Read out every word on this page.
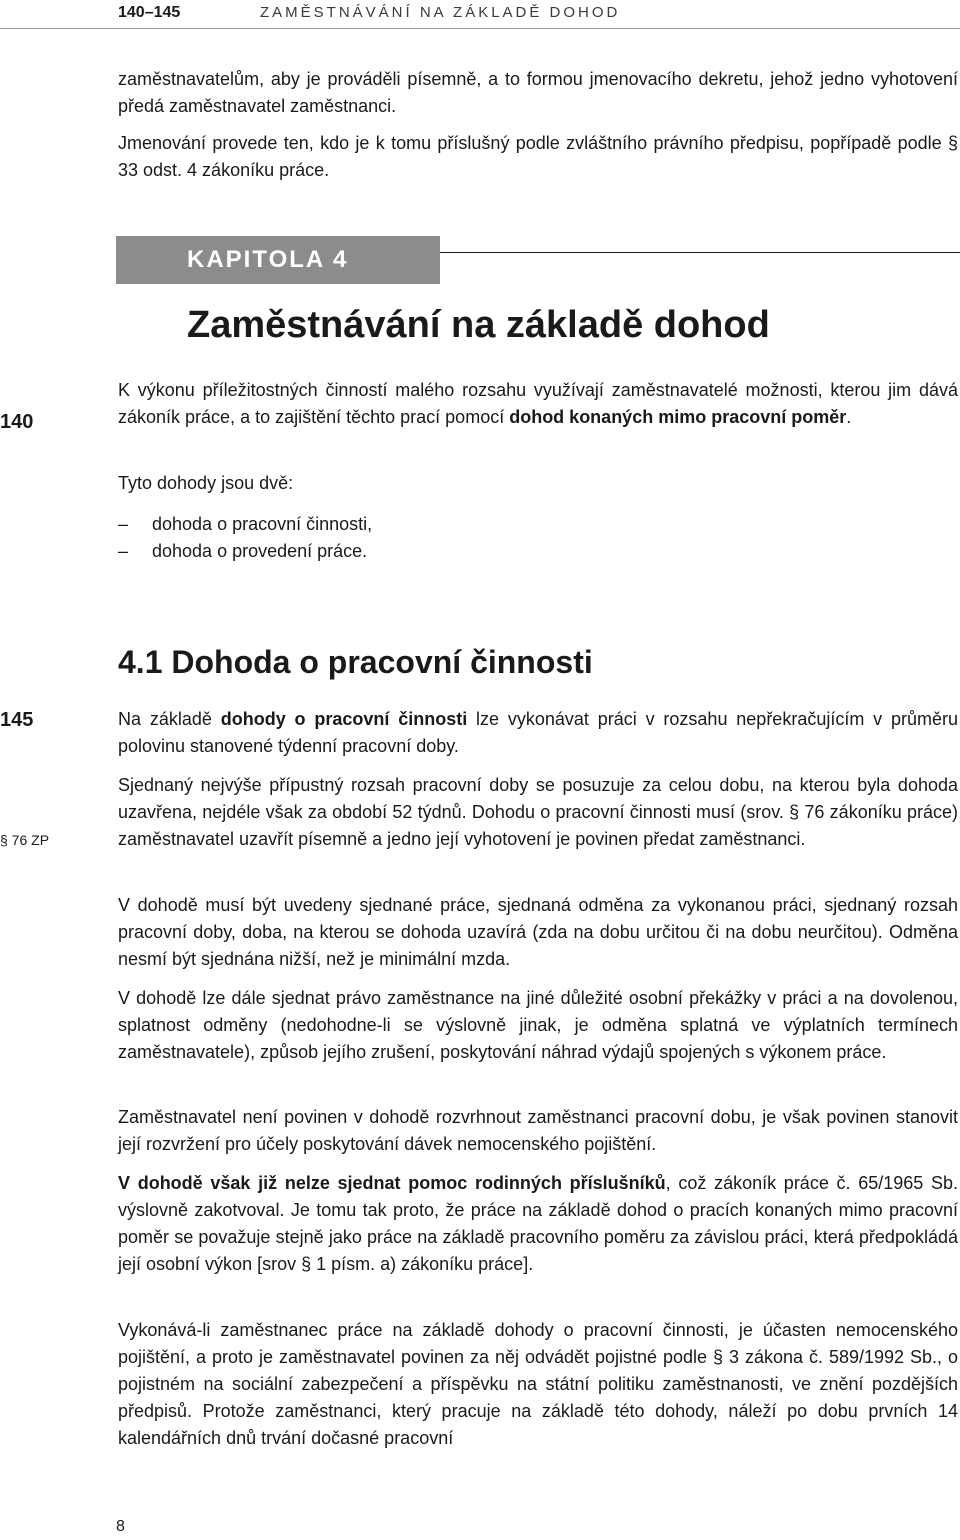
140–145	ZAMĚSTNÁVÁNÍ NA ZÁKLADĚ DOHOD

zaměstnavatelům, aby je prováděli písemně, a to formou jmenovacího dekretu, jehož jedno vyhotovení předá zaměstnavatel zaměstnanci.

Jmenování provede ten, kdo je k tomu příslušný podle zvláštního právního předpisu, popřípadě podle § 33 odst. 4 zákoníku práce.

KAPITOLA 4
Zaměstnávání na základě dohod
140
145
§ 76 ZP

K výkonu příležitostných činností malého rozsahu využívají zaměstnavatelé možnosti, kterou jim dává zákoník práce, a to zajištění těchto prací pomocí dohod konaných mimo pracovní poměr.

Tyto dohody jsou dvě:

– dohoda o pracovní činnosti,
– dohoda o provedení práce.
4.1 Dohoda o pracovní činnosti

Na základě dohody o pracovní činnosti lze vykonávat práci v rozsahu nepřekračujícím v průměru polovinu stanovené týdenní pracovní doby.

Sjednaný nejvýše přípustný rozsah pracovní doby se posuzuje za celou dobu, na kterou byla dohoda uzavřena, nejdéle však za období 52 týdnů. Dohodu o pracovní činnosti musí (srov. § 76 zákoníku práce) zaměstnavatel uzavřít písemně a jedno její vyhotovení je povinen předat zaměstnanci.

V dohodě musí být uvedeny sjednané práce, sjednaná odměna za vykonanou práci, sjednaný rozsah pracovní doby, doba, na kterou se dohoda uzavírá (zda na dobu určitou či na dobu neurčitou). Odměna nesmí být sjednána nižší, než je minimální mzda.

V dohodě lze dále sjednat právo zaměstnance na jiné důležité osobní překážky v práci a na dovolenou, splatnost odměny (nedohodne-li se výslovně jinak, je odměna splatná ve výplatních termínech zaměstnavatele), způsob jejího zrušení, poskytování náhrad výdajů spojených s výkonem práce.

Zaměstnavatel není povinen v dohodě rozvrhnout zaměstnanci pracovní dobu, je však povinen stanovit její rozvržení pro účely poskytování dávek nemocenského pojištění.

V dohodě však již nelze sjednat pomoc rodinných příslušníků, což zákoník práce č. 65/1965 Sb. výslovně zakotvoval. Je tomu tak proto, že práce na základě dohod o pracích konaných mimo pracovní poměr se považuje stejně jako práce na základě pracovního poměru za závislou práci, která předpokládá její osobní výkon [srov § 1 písm. a) zákoníku práce].

Vykonává-li zaměstnanec práce na základě dohody o pracovní činnosti, je účasten nemocenského pojištění, a proto je zaměstnavatel povinen za něj odvádět pojistné podle § 3 zákona č. 589/1992 Sb., o pojistném na sociální zabezpečení a příspěvku na státní politiku zaměstnanosti, ve znění pozdějších předpisů. Protože zaměstnanci, který pracuje na základě této dohody, náleží po dobu prvních 14 kalendářních dnů trvání dočasné pracovní

8
